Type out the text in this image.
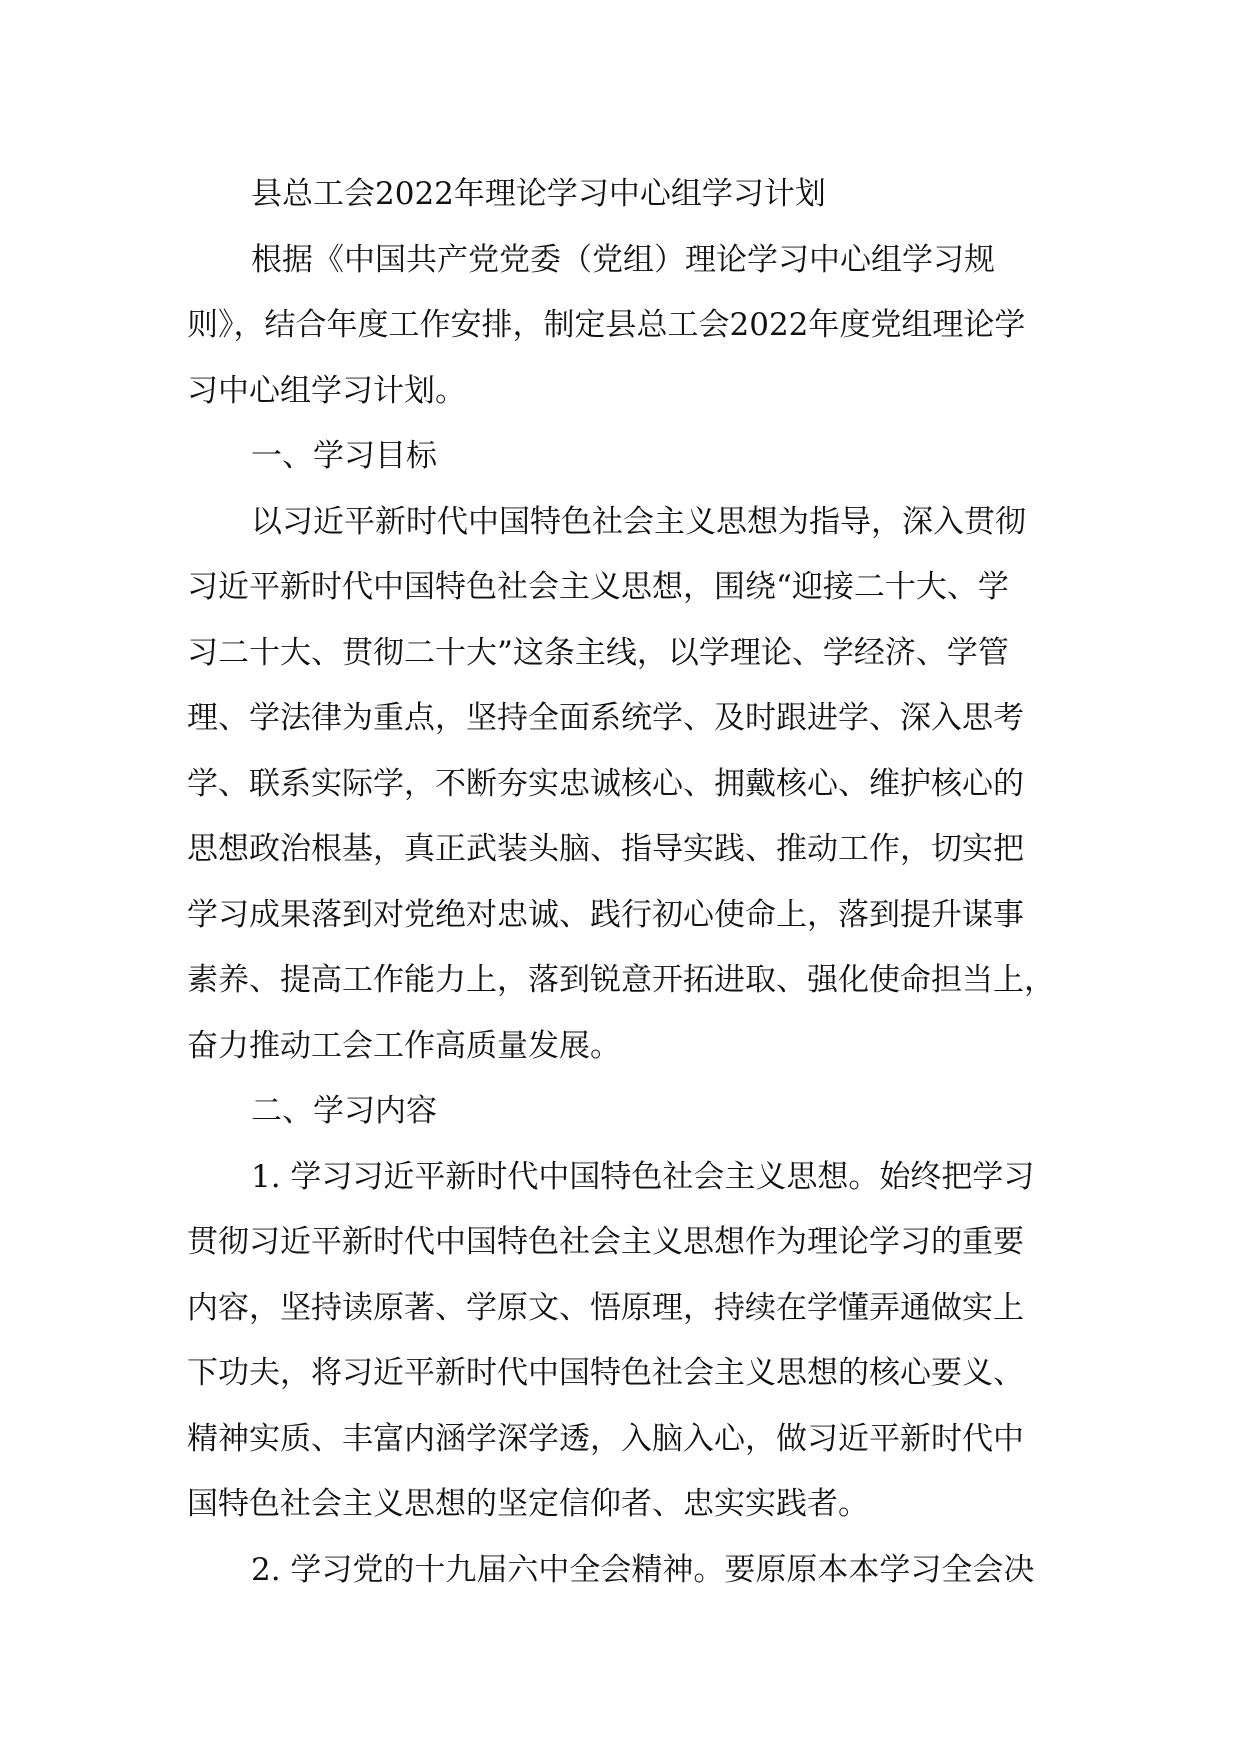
县总工会2022年理论学习中心组学习计划
根据《中国共产党党委（党组）理论学习中心组学习规
则》，结合年度工作安排，制定县总工会2022年度党组理论学
习中心组学习计划。
一、学习目标
以习近平新时代中国特色社会主义思想为指导，深入贯彻
习近平新时代中国特色社会主义思想，围绕“迎接二十大、学
习二十大、贯彻二十大”这条主线，以学理论、学经济、学管
理、学法律为重点，坚持全面系统学、及时跟进学、深入思考
学、联系实际学，不断夯实忠诚核心、拥戴核心、维护核心的
思想政治根基，真正武装头脑、指导实践、推动工作，切实把
学习成果落到对党绝对忠诚、践行初心使命上，落到提升谋事
素养、提高工作能力上，落到锐意开拓进取、强化使命担当上，
奋力推动工会工作高质量发展。
二、学习内容
1. 学习习近平新时代中国特色社会主义思想。始终把学习
贯彻习近平新时代中国特色社会主义思想作为理论学习的重要
内容，坚持读原著、学原文、悟原理，持续在学懂弄通做实上
下功夫，将习近平新时代中国特色社会主义思想的核心要义、
精神实质、丰富内涵学深学透，入脑入心，做习近平新时代中
国特色社会主义思想的坚定信仰者、忠实实践者。
2. 学习党的十九届六中全会精神。要原原本本学习全会决
